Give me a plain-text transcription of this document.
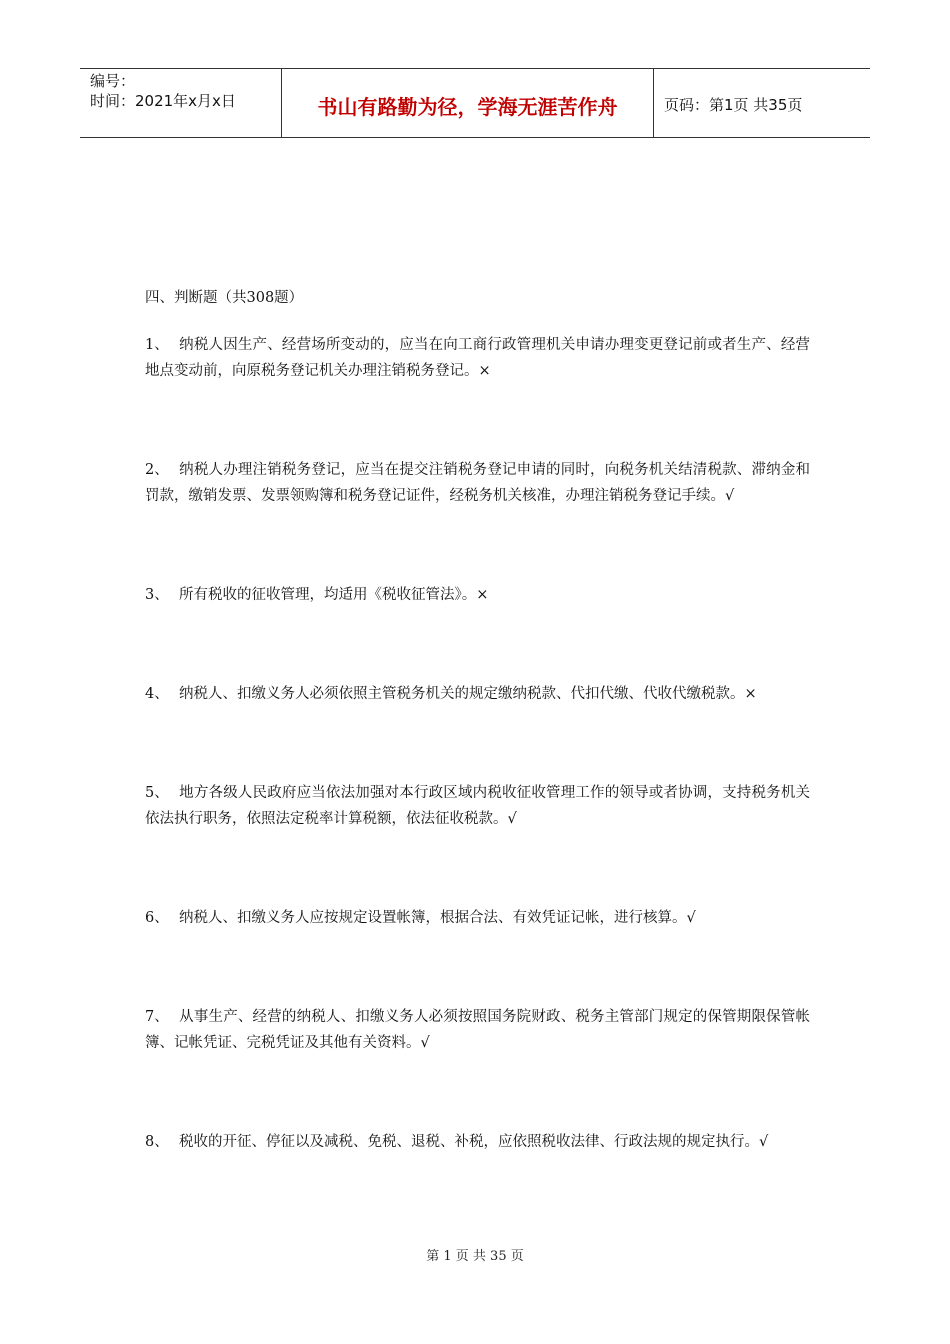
编号：
时间：2021年x月x日	书山有路勤为径，学海无涯苦作舟	页码：第1页 共35页

四、判断题（共308题）

1、 纳税人因生产、经营场所变动的，应当在向工商行政管理机关申请办理变更登记前或者生产、经营地点变动前，向原税务登记机关办理注销税务登记。×

2、 纳税人办理注销税务登记，应当在提交注销税务登记申请的同时，向税务机关结清税款、滞纳金和罚款，缴销发票、发票领购簿和税务登记证件，经税务机关核准，办理注销税务登记手续。√

3、 所有税收的征收管理，均适用《税收征管法》。×

4、 纳税人、扣缴义务人必须依照主管税务机关的规定缴纳税款、代扣代缴、代收代缴税款。×

5、 地方各级人民政府应当依法加强对本行政区域内税收征收管理工作的领导或者协调，支持税务机关依法执行职务，依照法定税率计算税额，依法征收税款。√

6、 纳税人、扣缴义务人应按规定设置帐簿，根据合法、有效凭证记帐，进行核算。√

7、 从事生产、经营的纳税人、扣缴义务人必须按照国务院财政、税务主管部门规定的保管期限保管帐簿、记帐凭证、完税凭证及其他有关资料。√

8、 税收的开征、停征以及减税、免税、退税、补税，应依照税收法律、行政法规的规定执行。√

第 1 页 共 35 页
